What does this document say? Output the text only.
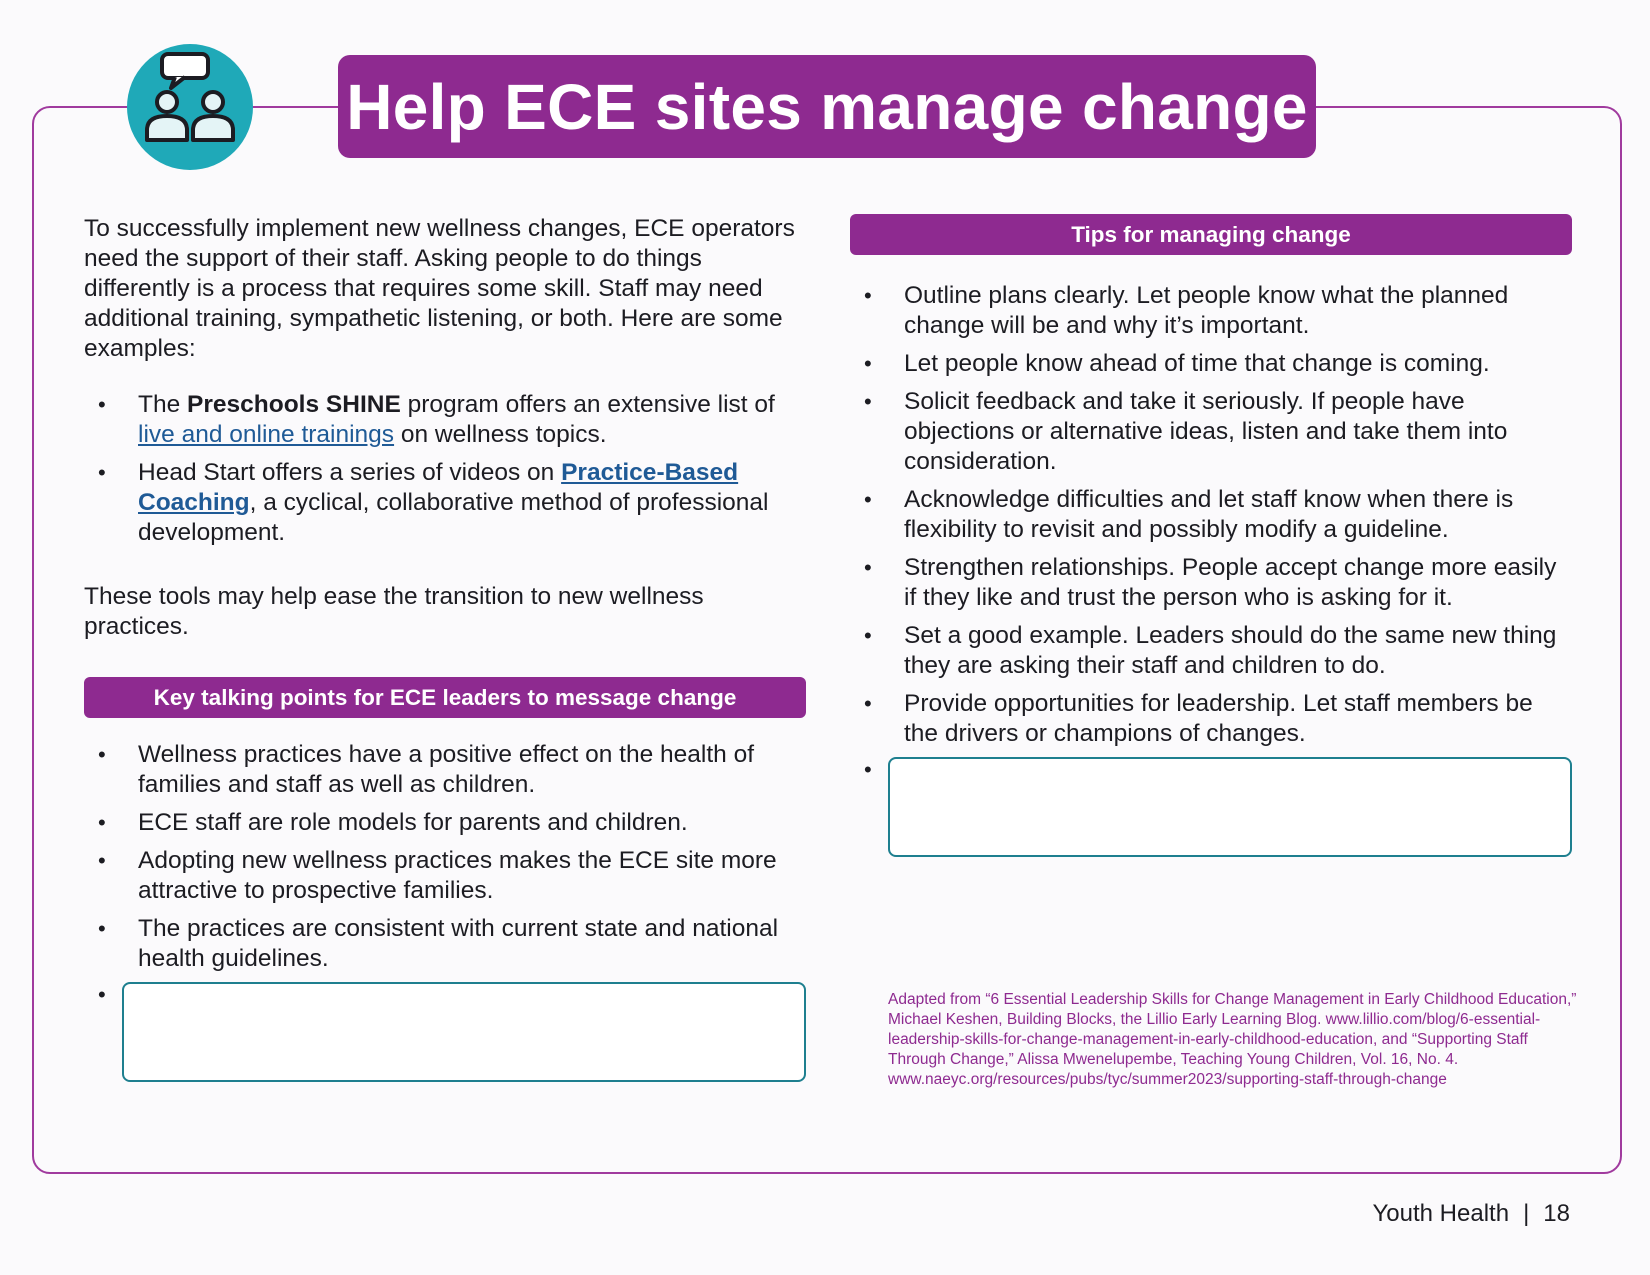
Help ECE sites manage change

To successfully implement new wellness changes, ECE operators need the support of their staff. Asking people to do things differently is a process that requires some skill. Staff may need additional training, sympathetic listening, or both. Here are some examples:

• The Preschools SHINE program offers an extensive list of live and online trainings on wellness topics.
• Head Start offers a series of videos on Practice-Based Coaching, a cyclical, collaborative method of professional development.

These tools may help ease the transition to new wellness practices.

Key talking points for ECE leaders to message change
• Wellness practices have a positive effect on the health of families and staff as well as children.
• ECE staff are role models for parents and children.
• Adopting new wellness practices makes the ECE site more attractive to prospective families.
• The practices are consistent with current state and national health guidelines.
•
Tips for managing change
• Outline plans clearly. Let people know what the planned change will be and why it’s important.
• Let people know ahead of time that change is coming.
• Solicit feedback and take it seriously. If people have objections or alternative ideas, listen and take them into consideration.
• Acknowledge difficulties and let staff know when there is flexibility to revisit and possibly modify a guideline.
• Strengthen relationships. People accept change more easily if they like and trust the person who is asking for it.
• Set a good example. Leaders should do the same new thing they are asking their staff and children to do.
• Provide opportunities for leadership. Let staff members be the drivers or champions of changes.
•
Adapted from “6 Essential Leadership Skills for Change Management in Early Childhood Education,” Michael Keshen, Building Blocks, the Lillio Early Learning Blog. www.lillio.com/blog/6-essential-leadership-skills-for-change-management-in-early-childhood-education, and “Supporting Staff Through Change,” Alissa Mwenelupembe, Teaching Young Children, Vol. 16, No. 4. www.naeyc.org/resources/pubs/tyc/summer2023/supporting-staff-through-change
Youth Health | 18
